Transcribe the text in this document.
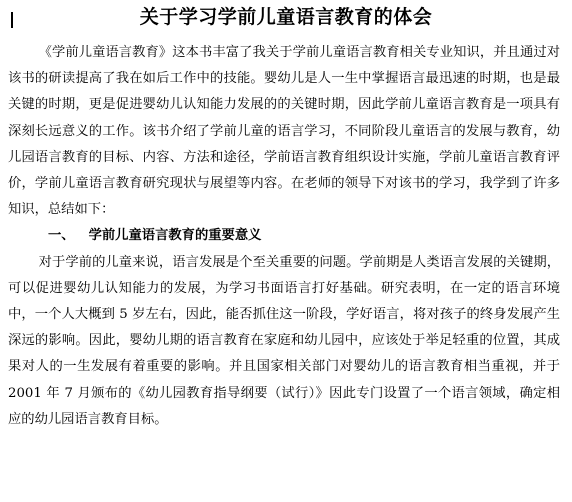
关于学习学前儿童语言教育的体会

《学前儿童语言教育》这本书丰富了我关于学前儿童语言教育相关专业知识，并且通过对该书的研读提高了我在如后工作中的技能。婴幼儿是人一生中掌握语言最迅速的时期，也是最关键的时期，更是促进婴幼儿认知能力发展的的关键时期，因此学前儿童语言教育是一项具有深刻长远意义的工作。该书介绍了学前儿童的语言学习，不同阶段儿童语言的发展与教育，幼儿园语言教育的目标、内容、方法和途径，学前语言教育组织设计实施，学前儿童语言教育评价，学前儿童语言教育研究现状与展望等内容。在老师的领导下对该书的学习，我学到了许多知识，总结如下：

一、 学前儿童语言教育的重要意义

对于学前的儿童来说，语言发展是个至关重要的问题。学前期是人类语言发展的关键期，可以促进婴幼儿认知能力的发展，为学习书面语言打好基础。研究表明，在一定的语言环境中，一个人大概到 5 岁左右，因此，能否抓住这一阶段，学好语言，将对孩子的终身发展产生深远的影响。因此，婴幼儿期的语言教育在家庭和幼儿园中，应该处于举足轻重的位置，其成果对人的一生发展有着重要的影响。并且国家相关部门对婴幼儿的语言教育相当重视，并于 2001 年 7 月颁布的《幼儿园教育指导纲要（试行）》因此专门设置了一个语言领域，确定相应的幼儿园语言教育目标。
